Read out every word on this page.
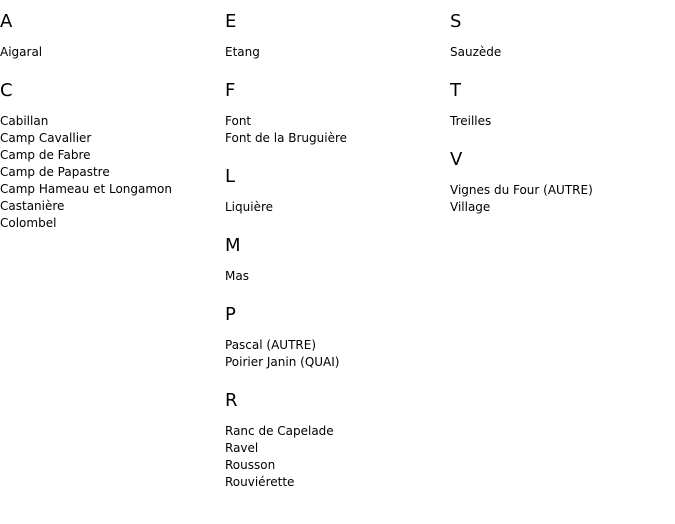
A
Aigaral
C
Cabillan
Camp Cavallier
Camp de Fabre
Camp de Papastre
Camp Hameau et Longamon
Castanière
Colombel
E
Etang
F
Font
Font de la Bruguière
L
Liquière
M
Mas
P
Pascal (AUTRE)
Poirier Janin (QUAI)
R
Ranc de Capelade
Ravel
Rousson
Rouviérette
S
Sauzède
T
Treilles
V
Vignes du Four (AUTRE)
Village
